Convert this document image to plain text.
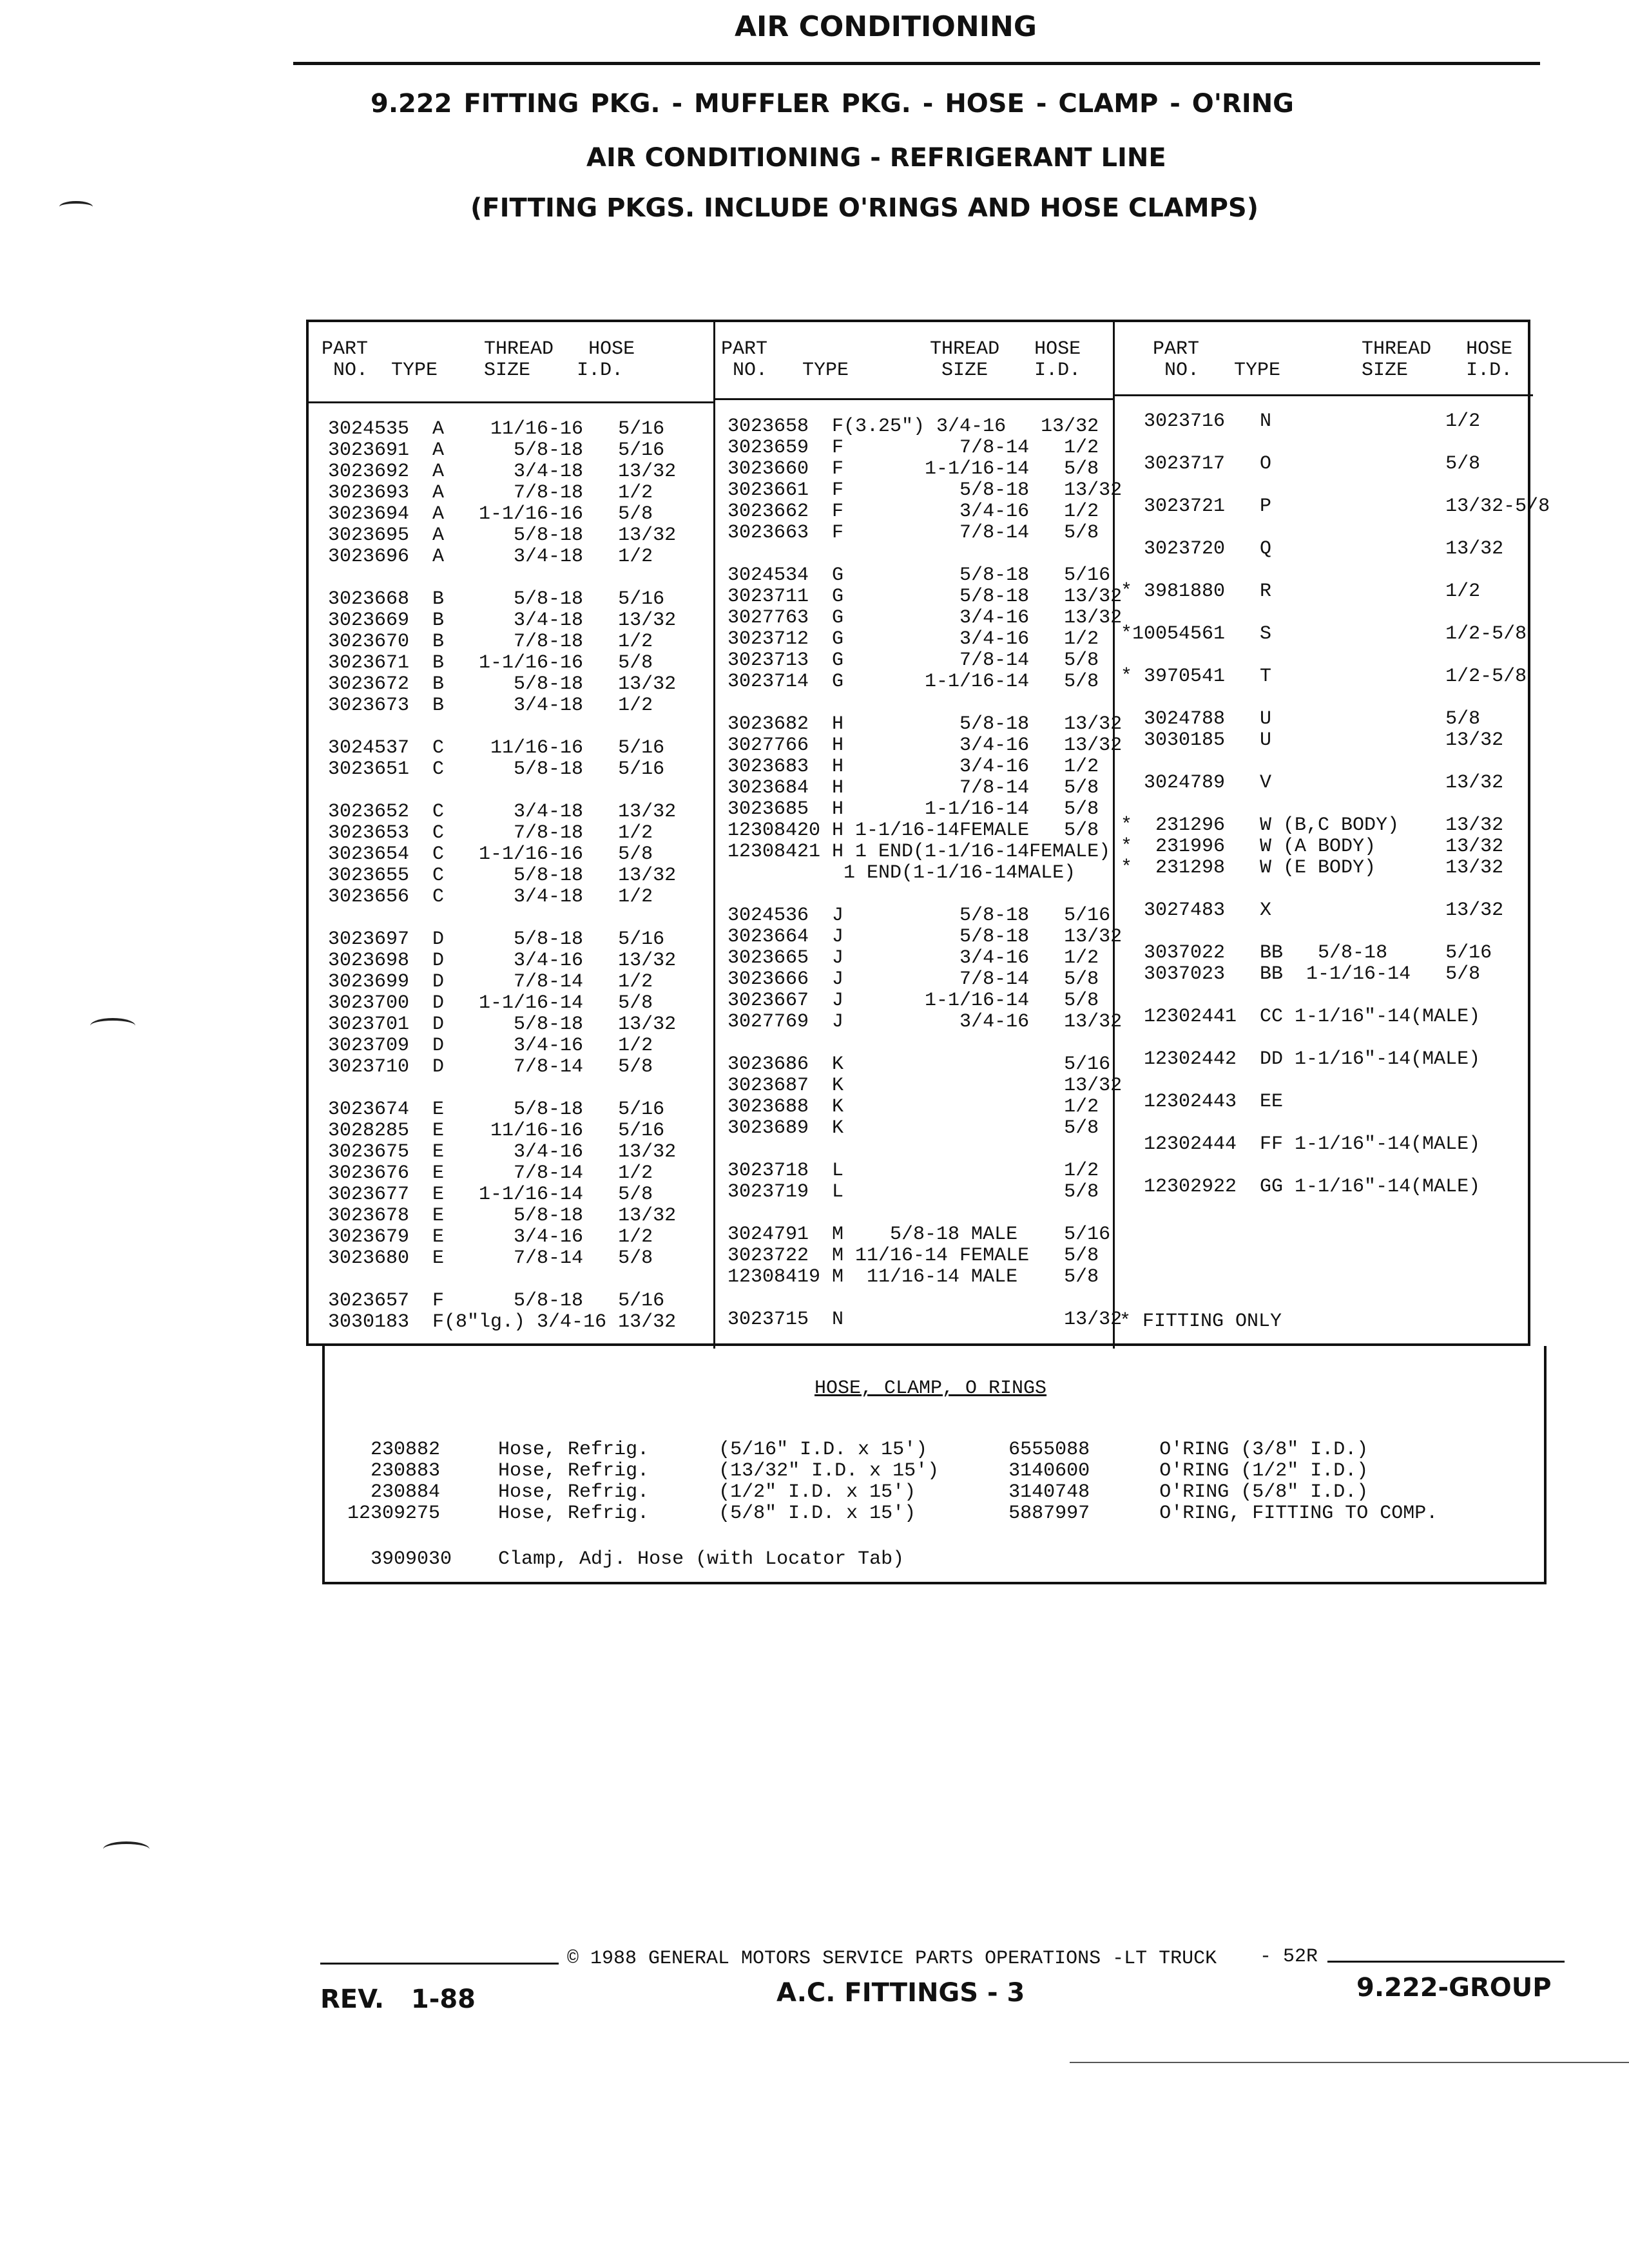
AIR CONDITIONING
9.222 FITTING PKG. - MUFFLER PKG. - HOSE - CLAMP - O'RING
AIR CONDITIONING - REFRIGERANT LINE
(FITTING PKGS. INCLUDE O'RINGS AND HOSE CLAMPS)
PART          THREAD   HOSE
NO.  TYPE    SIZE    I.D.
PART              THREAD   HOSE
NO.   TYPE        SIZE    I.D.
PART              THREAD   HOSE
NO.   TYPE       SIZE     I.D.
3024535  A    11/16-16   5/16
3023691  A      5/8-18   5/16
3023692  A      3/4-18   13/32
3023693  A      7/8-18   1/2
3023694  A   1-1/16-16   5/8
3023695  A      5/8-18   13/32
3023696  A      3/4-18   1/2

3023668  B      5/8-18   5/16
3023669  B      3/4-18   13/32
3023670  B      7/8-18   1/2
3023671  B   1-1/16-16   5/8
3023672  B      5/8-18   13/32
3023673  B      3/4-18   1/2

3024537  C    11/16-16   5/16
3023651  C      5/8-18   5/16

3023652  C      3/4-18   13/32
3023653  C      7/8-18   1/2
3023654  C   1-1/16-16   5/8
3023655  C      5/8-18   13/32
3023656  C      3/4-18   1/2

3023697  D      5/8-18   5/16
3023698  D      3/4-16   13/32
3023699  D      7/8-14   1/2
3023700  D   1-1/16-14   5/8
3023701  D      5/8-18   13/32
3023709  D      3/4-16   1/2
3023710  D      7/8-14   5/8

3023674  E      5/8-18   5/16
3028285  E    11/16-16   5/16
3023675  E      3/4-16   13/32
3023676  E      7/8-14   1/2
3023677  E   1-1/16-14   5/8
3023678  E      5/8-18   13/32
3023679  E      3/4-16   1/2
3023680  E      7/8-14   5/8

3023657  F      5/8-18   5/16
3030183  F(8"lg.) 3/4-16 13/32
3023658  F(3.25") 3/4-16   13/32
3023659  F          7/8-14   1/2
3023660  F       1-1/16-14   5/8
3023661  F          5/8-18   13/32
3023662  F          3/4-16   1/2
3023663  F          7/8-14   5/8

3024534  G          5/8-18   5/16
3023711  G          5/8-18   13/32
3027763  G          3/4-16   13/32
3023712  G          3/4-16   1/2
3023713  G          7/8-14   5/8
3023714  G       1-1/16-14   5/8

3023682  H          5/8-18   13/32
3027766  H          3/4-16   13/32
3023683  H          3/4-16   1/2
3023684  H          7/8-14   5/8
3023685  H       1-1/16-14   5/8
12308420 H 1-1/16-14FEMALE   5/8
12308421 H 1 END(1-1/16-14FEMALE)
1 END(1-1/16-14MALE)

3024536  J          5/8-18   5/16
3023664  J          5/8-18   13/32
3023665  J          3/4-16   1/2
3023666  J          7/8-14   5/8
3023667  J       1-1/16-14   5/8
3027769  J          3/4-16   13/32

3023686  K                   5/16
3023687  K                   13/32
3023688  K                   1/2
3023689  K                   5/8

3023718  L                   1/2
3023719  L                   5/8

3024791  M    5/8-18 MALE    5/16
3023722  M 11/16-14 FEMALE   5/8
12308419 M  11/16-14 MALE    5/8

3023715  N                   13/32
3023716   N               1/2

3023717   O               5/8

3023721   P               13/32-5/8

3023720   Q               13/32

* 3981880   R               1/2

*10054561   S               1/2-5/8

* 3970541   T               1/2-5/8

3024788   U               5/8
3030185   U               13/32

3024789   V               13/32

*  231296   W (B,C BODY)    13/32
*  231996   W (A BODY)      13/32
*  231298   W (E BODY)      13/32

3027483   X               13/32

3037022   BB   5/8-18     5/16
3037023   BB  1-1/16-14   5/8

12302441  CC 1-1/16"-14(MALE)

12302442  DD 1-1/16"-14(MALE)

12302443  EE

12302444  FF 1-1/16"-14(MALE)

12302922  GG 1-1/16"-14(MALE)
* FITTING ONLY
HOSE, CLAMP, O RINGS
230882     Hose, Refrig.      (5/16" I.D. x 15')       6555088      O'RING (3/8" I.D.)
230883     Hose, Refrig.      (13/32" I.D. x 15')      3140600      O'RING (1/2" I.D.)
230884     Hose, Refrig.      (1/2" I.D. x 15')        3140748      O'RING (5/8" I.D.)
12309275     Hose, Refrig.      (5/8" I.D. x 15')        5887997      O'RING, FITTING TO COMP.
3909030    Clamp, Adj. Hose (with Locator Tab)
© 1988 GENERAL MOTORS SERVICE PARTS OPERATIONS -LT TRUCK - 52R
REV.   1-88	A.C. FITTINGS - 3	9.222-GROUP
